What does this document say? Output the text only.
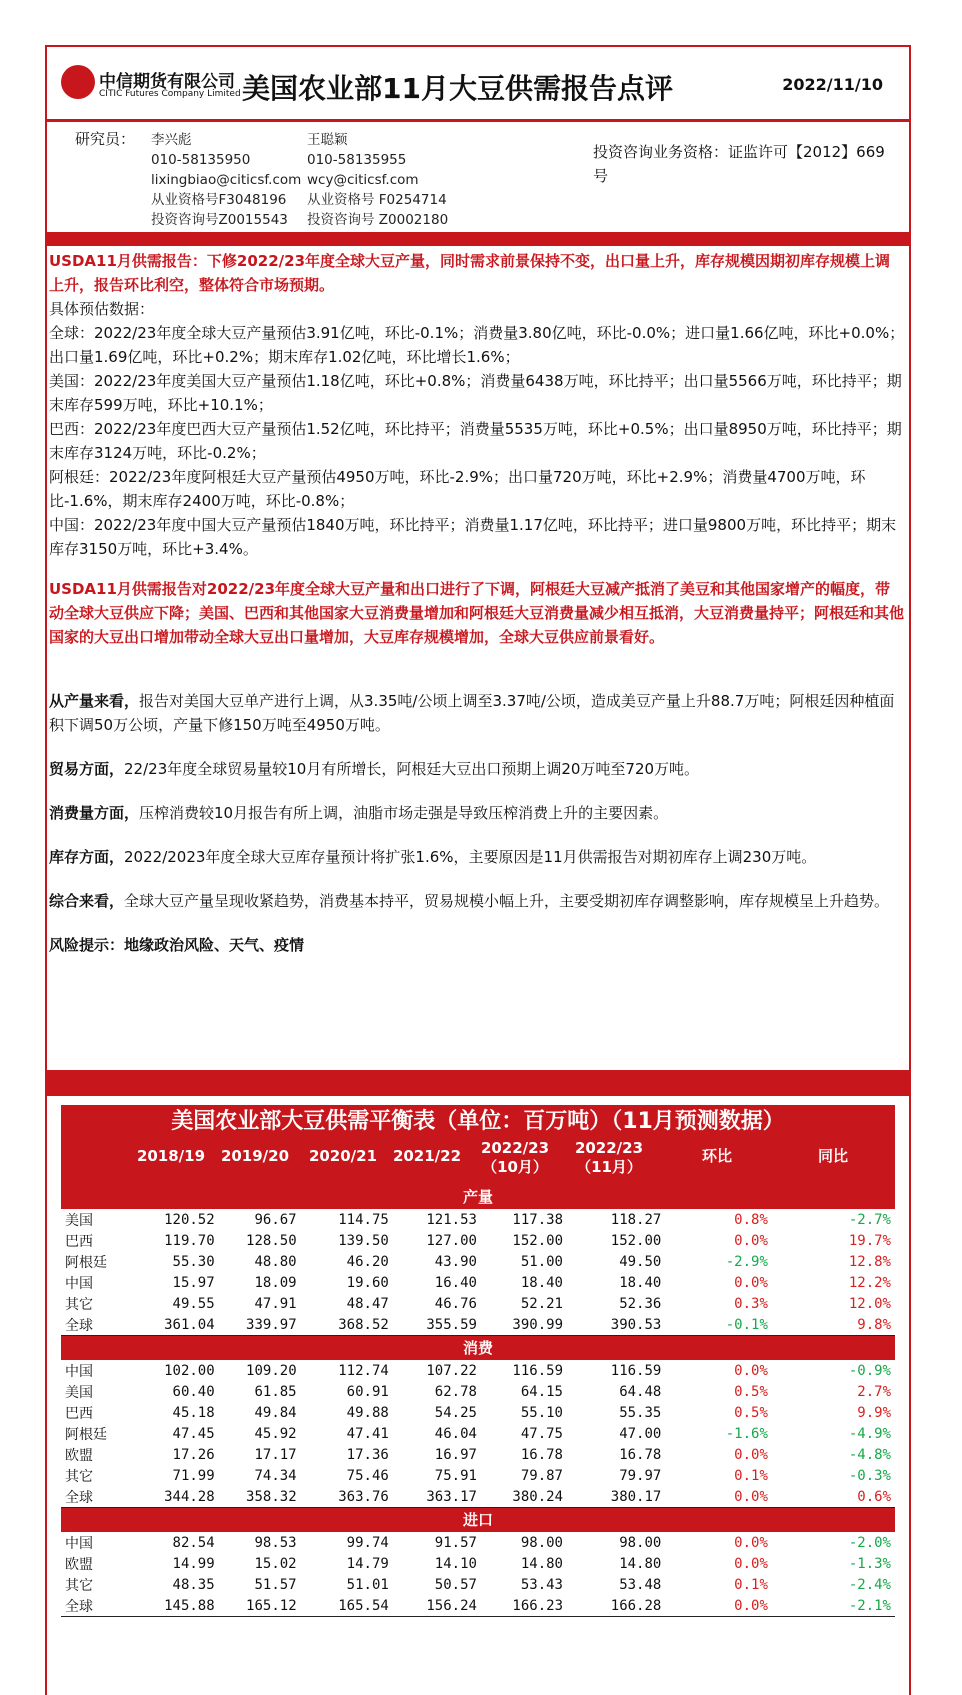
中信期货有限公司
CITIC Futures Company Limited 美国农业部11月大豆供需报告点评	2022/11/10
研究员： 李兴彪
010-58135950
lixingbiao@citicsf.com
从业资格号F3048196
投资咨询号Z0015543
王聪颖
010-58135955
wcy@citicsf.com
从业资格号 F0254714
投资咨询号 Z0002180
投资咨询业务资格：证监许可【2012】669号

USDA11月供需报告：下修2022/23年度全球大豆产量，同时需求前景保持不变，出口量上升，库存规模因期初库存规模上调上升，报告环比利空，整体符合市场预期。

具体预估数据：

全球：2022/23年度全球大豆产量预估3.91亿吨，环比-0.1%；消费量3.80亿吨，环比-0.0%；进口量1.66亿吨，环比+0.0%；出口量1.69亿吨，环比+0.2%；期末库存1.02亿吨，环比增长1.6%；

美国：2022/23年度美国大豆产量预估1.18亿吨，环比+0.8%；消费量6438万吨，环比持平；出口量5566万吨，环比持平；期末库存599万吨，环比+10.1%；

巴西：2022/23年度巴西大豆产量预估1.52亿吨，环比持平；消费量5535万吨，环比+0.5%；出口量8950万吨，环比持平；期末库存3124万吨，环比-0.2%；

阿根廷：2022/23年度阿根廷大豆产量预估4950万吨，环比-2.9%；出口量720万吨，环比+2.9%；消费量4700万吨，环比-1.6%，期末库存2400万吨，环比-0.8%；

中国：2022/23年度中国大豆产量预估1840万吨，环比持平；消费量1.17亿吨，环比持平；进口量9800万吨，环比持平；期末库存3150万吨，环比+3.4%。

USDA11月供需报告对2022/23年度全球大豆产量和出口进行了下调，阿根廷大豆减产抵消了美豆和其他国家增产的幅度，带动全球大豆供应下降；美国、巴西和其他国家大豆消费量增加和阿根廷大豆消费量减少相互抵消，大豆消费量持平；阿根廷和其他国家的大豆出口增加带动全球大豆出口量增加，大豆库存规模增加，全球大豆供应前景看好。

从产量来看，报告对美国大豆单产进行上调，从3.35吨/公顷上调至3.37吨/公顷，造成美豆产量上升88.7万吨；阿根廷因种植面积下调50万公顷，产量下修150万吨至4950万吨。

贸易方面，22/23年度全球贸易量较10月有所增长，阿根廷大豆出口预期上调20万吨至720万吨。

消费量方面，压榨消费较10月报告有所上调，油脂市场走强是导致压榨消费上升的主要因素。

库存方面，2022/2023年度全球大豆库存量预计将扩张1.6%，主要原因是11月供需报告对期初库存上调230万吨。

综合来看，全球大豆产量呈现收紧趋势，消费基本持平，贸易规模小幅上升，主要受期初库存调整影响，库存规模呈上升趋势。

风险提示：地缘政治风险、天气、疫情

美国农业部大豆供需平衡表（单位：百万吨）（11月预测数据）
2018/19	2019/20	2020/21	2021/22	2022/23
（10月）
2022/23
（11月）
环比	同比
产量
美国	120.52	96.67	114.75	121.53	117.38	118.27	0.8%	-2.7%
巴西	119.70	128.50	139.50	127.00	152.00	152.00	0.0%	19.7%
阿根廷	55.30	48.80	46.20	43.90	51.00	49.50	-2.9%	12.8%
中国	15.97	18.09	19.60	16.40	18.40	18.40	0.0%	12.2%
其它	49.55	47.91	48.47	46.76	52.21	52.36	0.3%	12.0%
全球	361.04	339.97	368.52	355.59	390.99	390.53	-0.1%	9.8%
消费
中国	102.00	109.20	112.74	107.22	116.59	116.59	0.0%	-0.9%
美国	60.40	61.85	60.91	62.78	64.15	64.48	0.5%	2.7%
巴西	45.18	49.84	49.88	54.25	55.10	55.35	0.5%	9.9%
阿根廷	47.45	45.92	47.41	46.04	47.75	47.00	-1.6%	-4.9%
欧盟	17.26	17.17	17.36	16.97	16.78	16.78	0.0%	-4.8%
其它	71.99	74.34	75.46	75.91	79.87	79.97	0.1%	-0.3%
全球	344.28	358.32	363.76	363.17	380.24	380.17	0.0%	0.6%
进口
中国	82.54	98.53	99.74	91.57	98.00	98.00	0.0%	-2.0%
欧盟	14.99	15.02	14.79	14.10	14.80	14.80	0.0%	-1.3%
其它	48.35	51.57	51.01	50.57	53.43	53.48	0.1%	-2.4%
全球	145.88	165.12	165.54	156.24	166.23	166.28	0.0%	-2.1%
